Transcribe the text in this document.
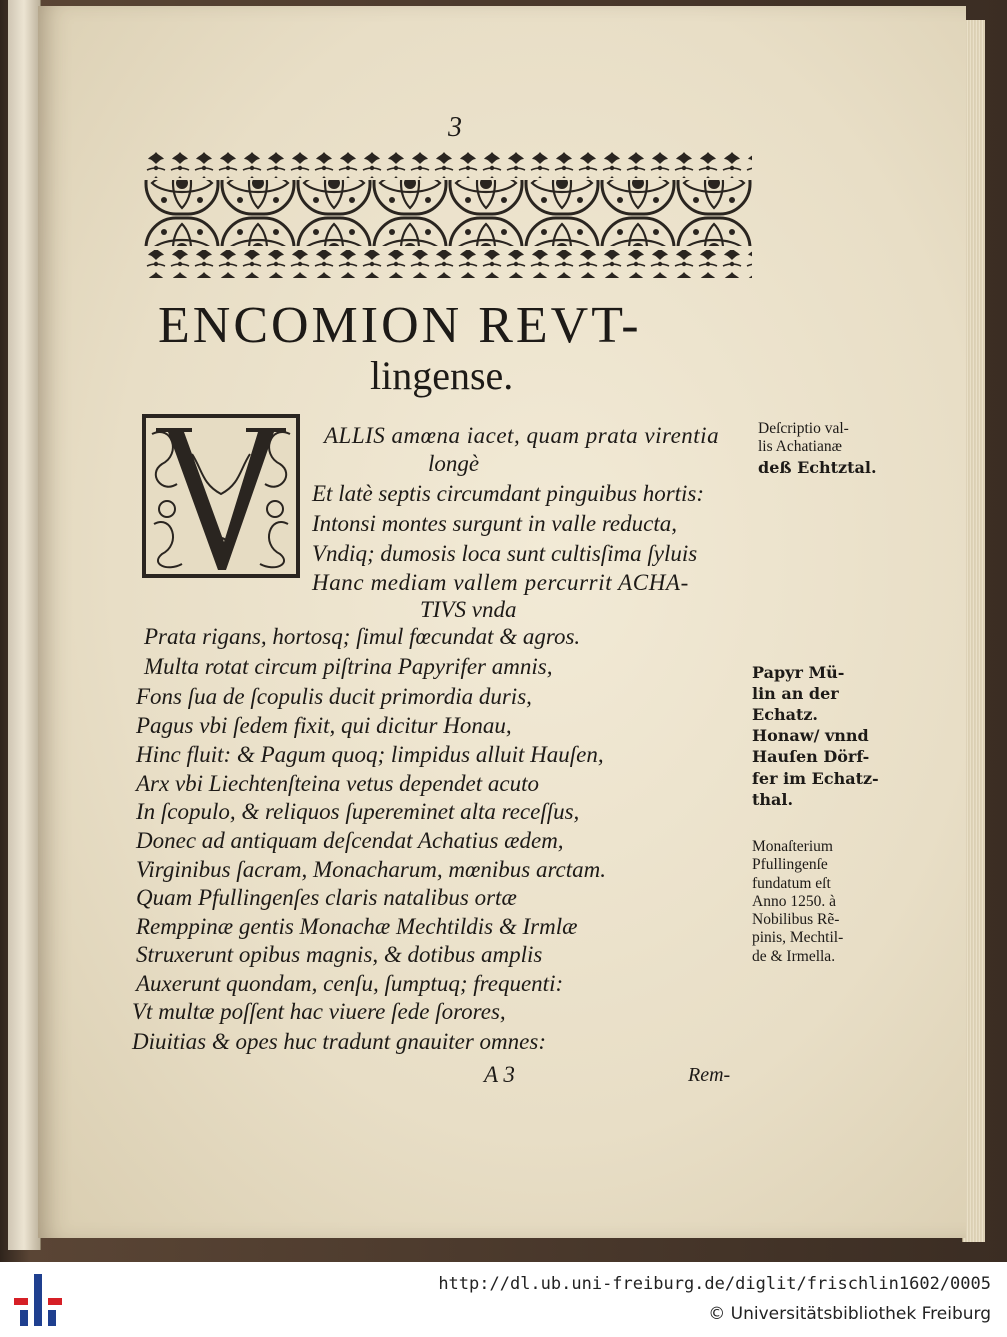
3
ENCOMION REVT-
lingense.
ALLIS amœna iacet, quam prata virentia
longè
Et latè septis circumdant pinguibus hortis:
Intonsi montes surgunt in valle reducta,
Vndiq; dumosis loca sunt cultisſima ſyluis
Hanc mediam vallem percurrit ACHA-
TIVS vnda
Prata rigans, hortosq; ſimul fœcundat & agros.
Multa rotat circum piſtrina Papyrifer amnis,
Fons ſua de ſcopulis ducit primordia duris,
Pagus vbi ſedem fixit, qui dicitur Honau,
Hinc fluit: & Pagum quoq; limpidus alluit Hauſen,
Arx vbi Liechtenſteina vetus dependet acuto
In ſcopulo, & reliquos ſupereminet alta receſſus,
Donec ad antiquam deſcendat Achatius ædem,
Virginibus ſacram, Monacharum, mœnibus arctam.
Quam Pfullingenſes claris natalibus ortæ
Remppinæ gentis Monachæ Mechtildis & Irmlæ
Struxerunt opibus magnis, & dotibus amplis
Auxerunt quondam, cenſu, ſumptuq; frequenti:
Vt multæ poſſent hac viuere ſede ſorores,
Diuitias & opes huc tradunt gnauiter omnes:
Deſcriptio val-
lis Achatianæ
deß Echtztal.
Papyr Mü-
lin an der
Echatz.
Honaw/ vnnd
Hauſen Dörf-
fer im Echatz-
thal.
Monaſterium
Pfullingenſe
fundatum eſt
Anno 1250. à
Nobilibus Rẽ-
pinis, Mechtil-
de & Irmella.
A 3	Rem-
http://dl.ub.uni-freiburg.de/diglit/frischlin1602/0005
© Universitätsbibliothek Freiburg
